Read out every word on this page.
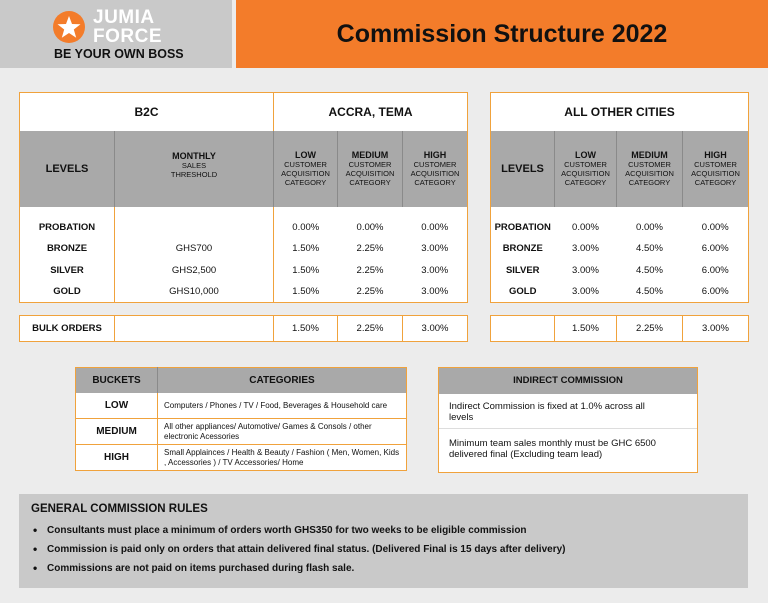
JUMIA
FORCE
BE YOUR OWN BOSS
Commission Structure 2022
B2C		ACCRA, TEMA		
LEVELS	MONTHLY
SALES
THRESHOLD	LOW
CUSTOMER
ACQUISITION
CATEGORY	MEDIUM
CUSTOMER
ACQUISITION
CATEGORY	HIGH
CUSTOMER
ACQUISITION
CATEGORY

PROBATION		0.00%	0.00%	0.00%
BRONZE	GHS700	1.50%	2.25%	3.00%
SILVER	GHS2,500	1.50%	2.25%	3.00%
GOLD	GHS10,000	1.50%	2.25%	3.00%
ALL OTHER CITIES			
LEVELS	LOW
CUSTOMER
ACQUISITION
CATEGORY	MEDIUM
CUSTOMER
ACQUISITION
CATEGORY	HIGH
CUSTOMER
ACQUISITION
CATEGORY

PROBATION	0.00%	0.00%	0.00%
BRONZE	3.00%	4.50%	6.00%
SILVER	3.00%	4.50%	6.00%
GOLD	3.00%	4.50%	6.00%
BULK ORDERS		1.50%	2.25%	3.00%
		1.50%	2.25%	3.00%
BUCKETS	CATEGORIES
LOW	Computers / Phones / TV / Food, Beverages & Household care
MEDIUM	All other appliances/ Automotive/ Games & Consols / other electronic Acessories
HIGH	Small Applainces / Health & Beauty / Fashion ( Men, Women, Kids , Accessories ) / TV Accessories/ Home
INDIRECT COMMISSION
Indirect Commission is fixed at 1.0% across all levels
Minimum team sales monthly must be GHC 6500 delivered final (Excluding team lead)
GENERAL COMMISSION RULES
• Consultants must place a minimum of orders worth GHS350 for two weeks to be eligible commission
• Commission is paid only on orders that attain delivered final status. (Delivered Final is 15 days after delivery)
• Commissions are not paid on items purchased during flash sale.
